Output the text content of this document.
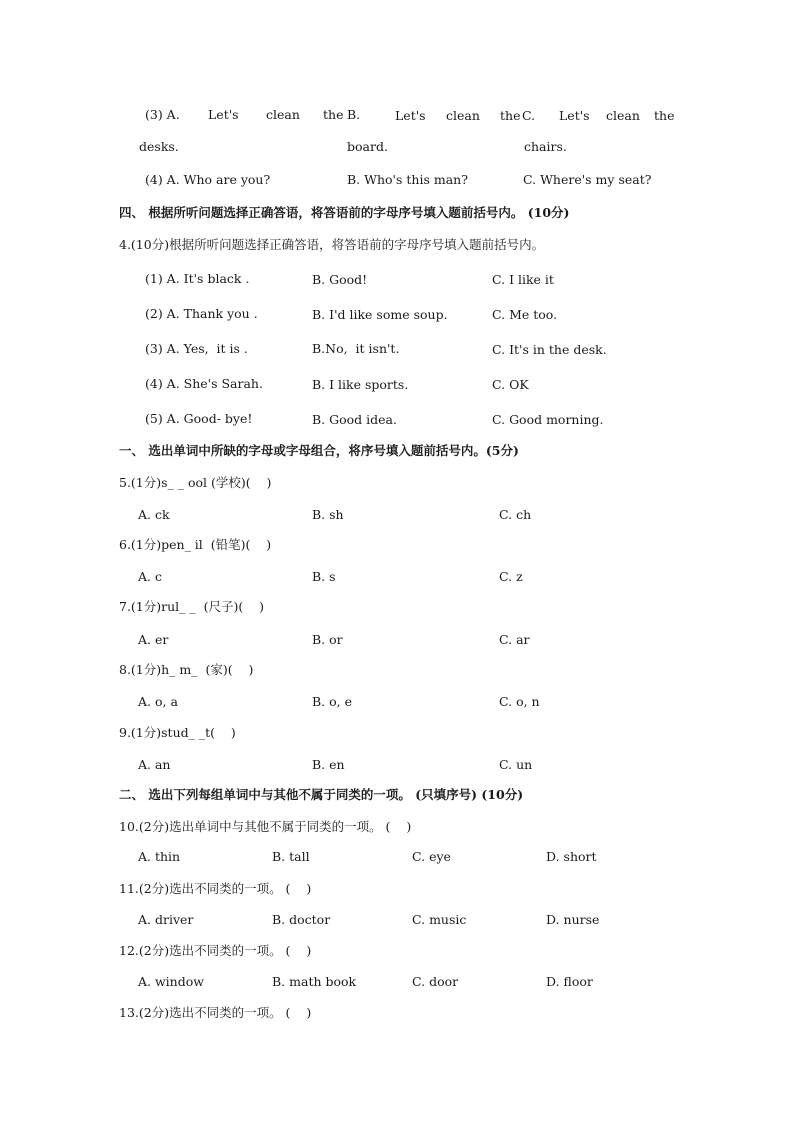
(3) A. Let's clean the B.	Let's clean the C. Let's clean the
desks.	board.	chairs.
(4) A. Who are you?	B. Who's this man?	C. Where's my seat?
四、 根据所听问题选择正确答语，将答语前的字母序号填入题前括号内。 (10分)
4.(10分)根据所听问题选择正确答语，将答语前的字母序号填入题前括号内。
(1) A. It's black .	B. Good!	C. I like it
(2) A. Thank you .	B. I'd like some soup.	C. Me too.
(3) A. Yes,  it is .	B.No,  it isn't.	C. It's in the desk.
(4) A. She's Sarah.	B. I like sports.	C. OK
(5) A. Good- bye!	B. Good idea.	C. Good morning.
一、 选出单词中所缺的字母或字母组合，将序号填入题前括号内。(5分)
5.(1分)s_ _ ool (学校)(    )
A. ck	B. sh	C. ch
6.(1分)pen_ il  (铅笔)(    )
A. c	B. s	C. z
7.(1分)rul_ _  (尺子)(    )
A. er	B. or	C. ar
8.(1分)h_ m_  (家)(    )
A. o, a	B. o, e	C. o, n
9.(1分)stud_ _t(    )
A. an	B. en	C. un
二、 选出下列每组单词中与其他不属于同类的一项。 (只填序号) (10分)
10.(2分)选出单词中与其他不属于同类的一项。 (    )
A. thin	B. tall	C. eye	D. short
11.(2分)选出不同类的一项。 (    )
A. driver	B. doctor	C. music	D. nurse
12.(2分)选出不同类的一项。 (    )
A. window	B. math book	C. door	D. floor
13.(2分)选出不同类的一项。 (    )
